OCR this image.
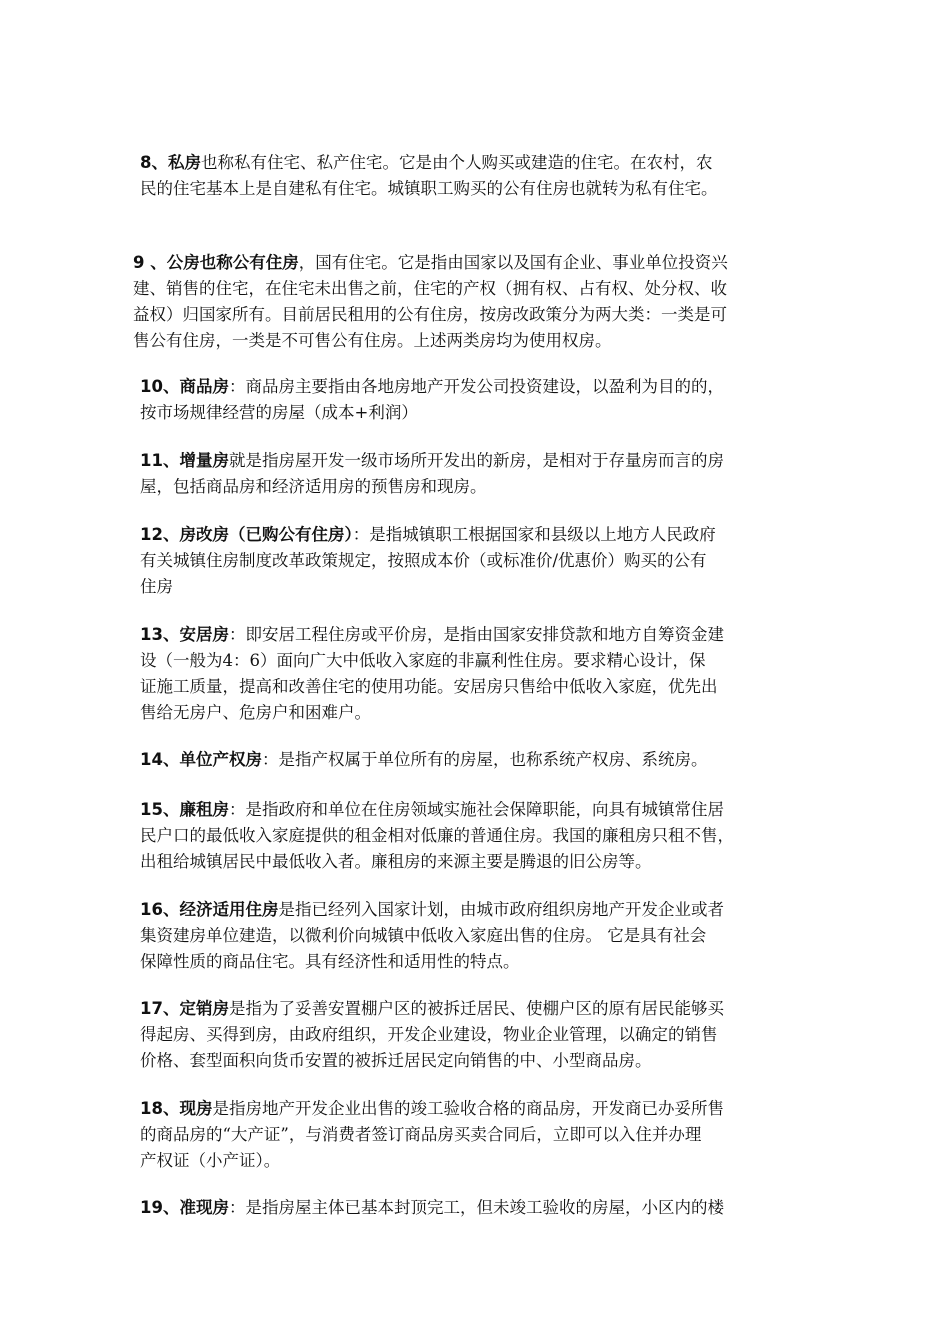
8、私房也称私有住宅、私产住宅。它是由个人购买或建造的住宅。在农村，农
民的住宅基本上是自建私有住宅。城镇职工购买的公有住房也就转为私有住宅。

9 、公房也称公有住房，国有住宅。它是指由国家以及国有企业、事业单位投资兴
建、销售的住宅，在住宅未出售之前，住宅的产权（拥有权、占有权、处分权、收
益权）归国家所有。目前居民租用的公有住房，按房改政策分为两大类：一类是可
售公有住房，一类是不可售公有住房。上述两类房均为使用权房。

10、商品房：商品房主要指由各地房地产开发公司投资建设，以盈利为目的的，
按市场规律经营的房屋（成本+利润）

11、增量房就是指房屋开发一级市场所开发出的新房，是相对于存量房而言的房
屋，包括商品房和经济适用房的预售房和现房。

12、房改房（已购公有住房）：是指城镇职工根据国家和县级以上地方人民政府
有关城镇住房制度改革政策规定，按照成本价（或标准价/优惠价）购买的公有
住房

13、安居房：即安居工程住房或平价房，是指由国家安排贷款和地方自筹资金建
设（一般为4：6）面向广大中低收入家庭的非赢利性住房。要求精心设计，保
证施工质量，提高和改善住宅的使用功能。安居房只售给中低收入家庭，优先出
售给无房户、危房户和困难户。

14、单位产权房：是指产权属于单位所有的房屋，也称系统产权房、系统房。

15、廉租房：是指政府和单位在住房领域实施社会保障职能，向具有城镇常住居
民户口的最低收入家庭提供的租金相对低廉的普通住房。我国的廉租房只租不售，
出租给城镇居民中最低收入者。廉租房的来源主要是腾退的旧公房等。

16、经济适用住房是指已经列入国家计划，由城市政府组织房地产开发企业或者
集资建房单位建造，以微利价向城镇中低收入家庭出售的住房。 它是具有社会
保障性质的商品住宅。具有经济性和适用性的特点。

17、定销房是指为了妥善安置棚户区的被拆迁居民、使棚户区的原有居民能够买
得起房、买得到房，由政府组织，开发企业建设，物业企业管理，以确定的销售
价格、套型面积向货币安置的被拆迁居民定向销售的中、小型商品房。

18、现房是指房地产开发企业出售的竣工验收合格的商品房，开发商已办妥所售
的商品房的“大产证”，与消费者签订商品房买卖合同后，立即可以入住并办理
产权证（小产证）。

19、准现房：是指房屋主体已基本封顶完工，但未竣工验收的房屋，小区内的楼
